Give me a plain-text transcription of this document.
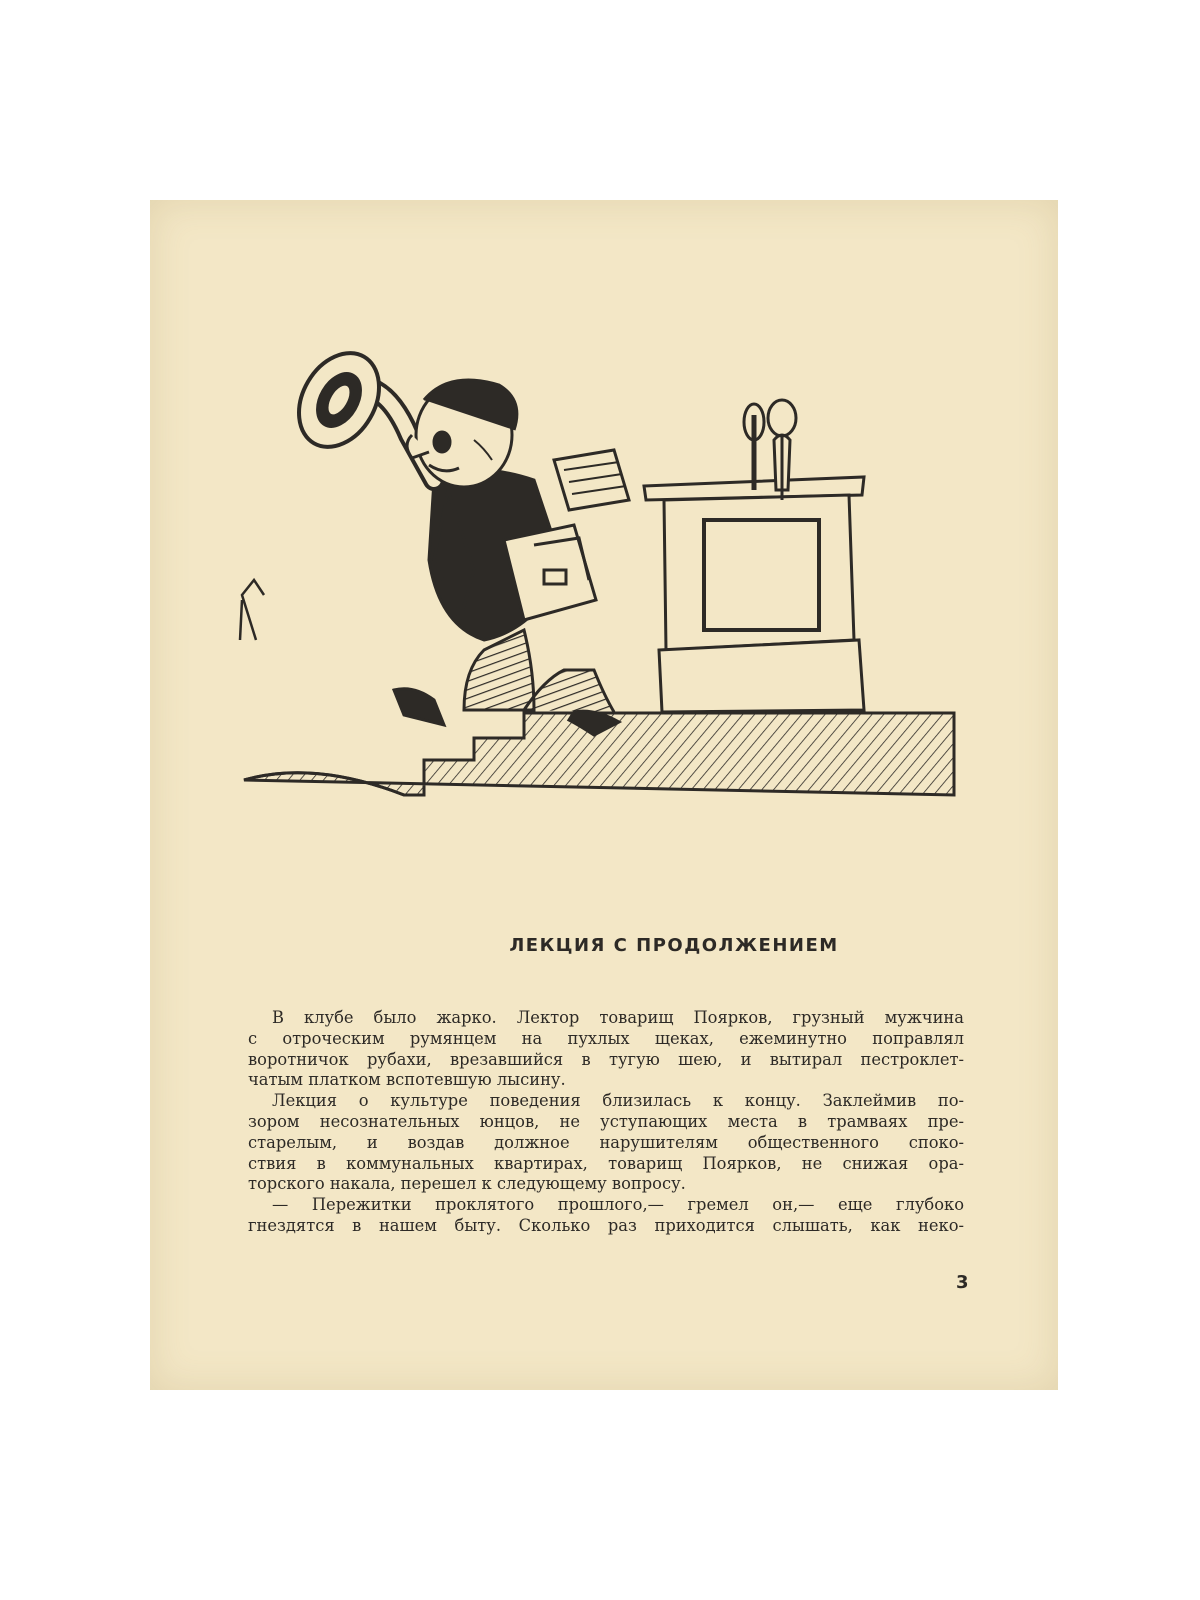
ЛЕКЦИЯ С ПРОДОЛЖЕНИЕМ
В клубе было жарко. Лектор товарищ Поярков, грузный мужчина
с отроческим румянцем на пухлых щеках, ежеминутно поправлял
воротничок рубахи, врезавшийся в тугую шею, и вытирал пестроклет-
чатым платком вспотевшую лысину.
Лекция о культуре поведения близилась к концу. Заклеймив по-
зором несознательных юнцов, не уступающих места в трамваях пре-
старелым, и воздав должное нарушителям общественного споко-
ствия в коммунальных квартирах, товарищ Поярков, не снижая ора-
торского накала, перешел к следующему вопросу.
— Пережитки проклятого прошлого,— гремел он,— еще глубоко
гнездятся в нашем быту. Сколько раз приходится слышать, как неко-
3
